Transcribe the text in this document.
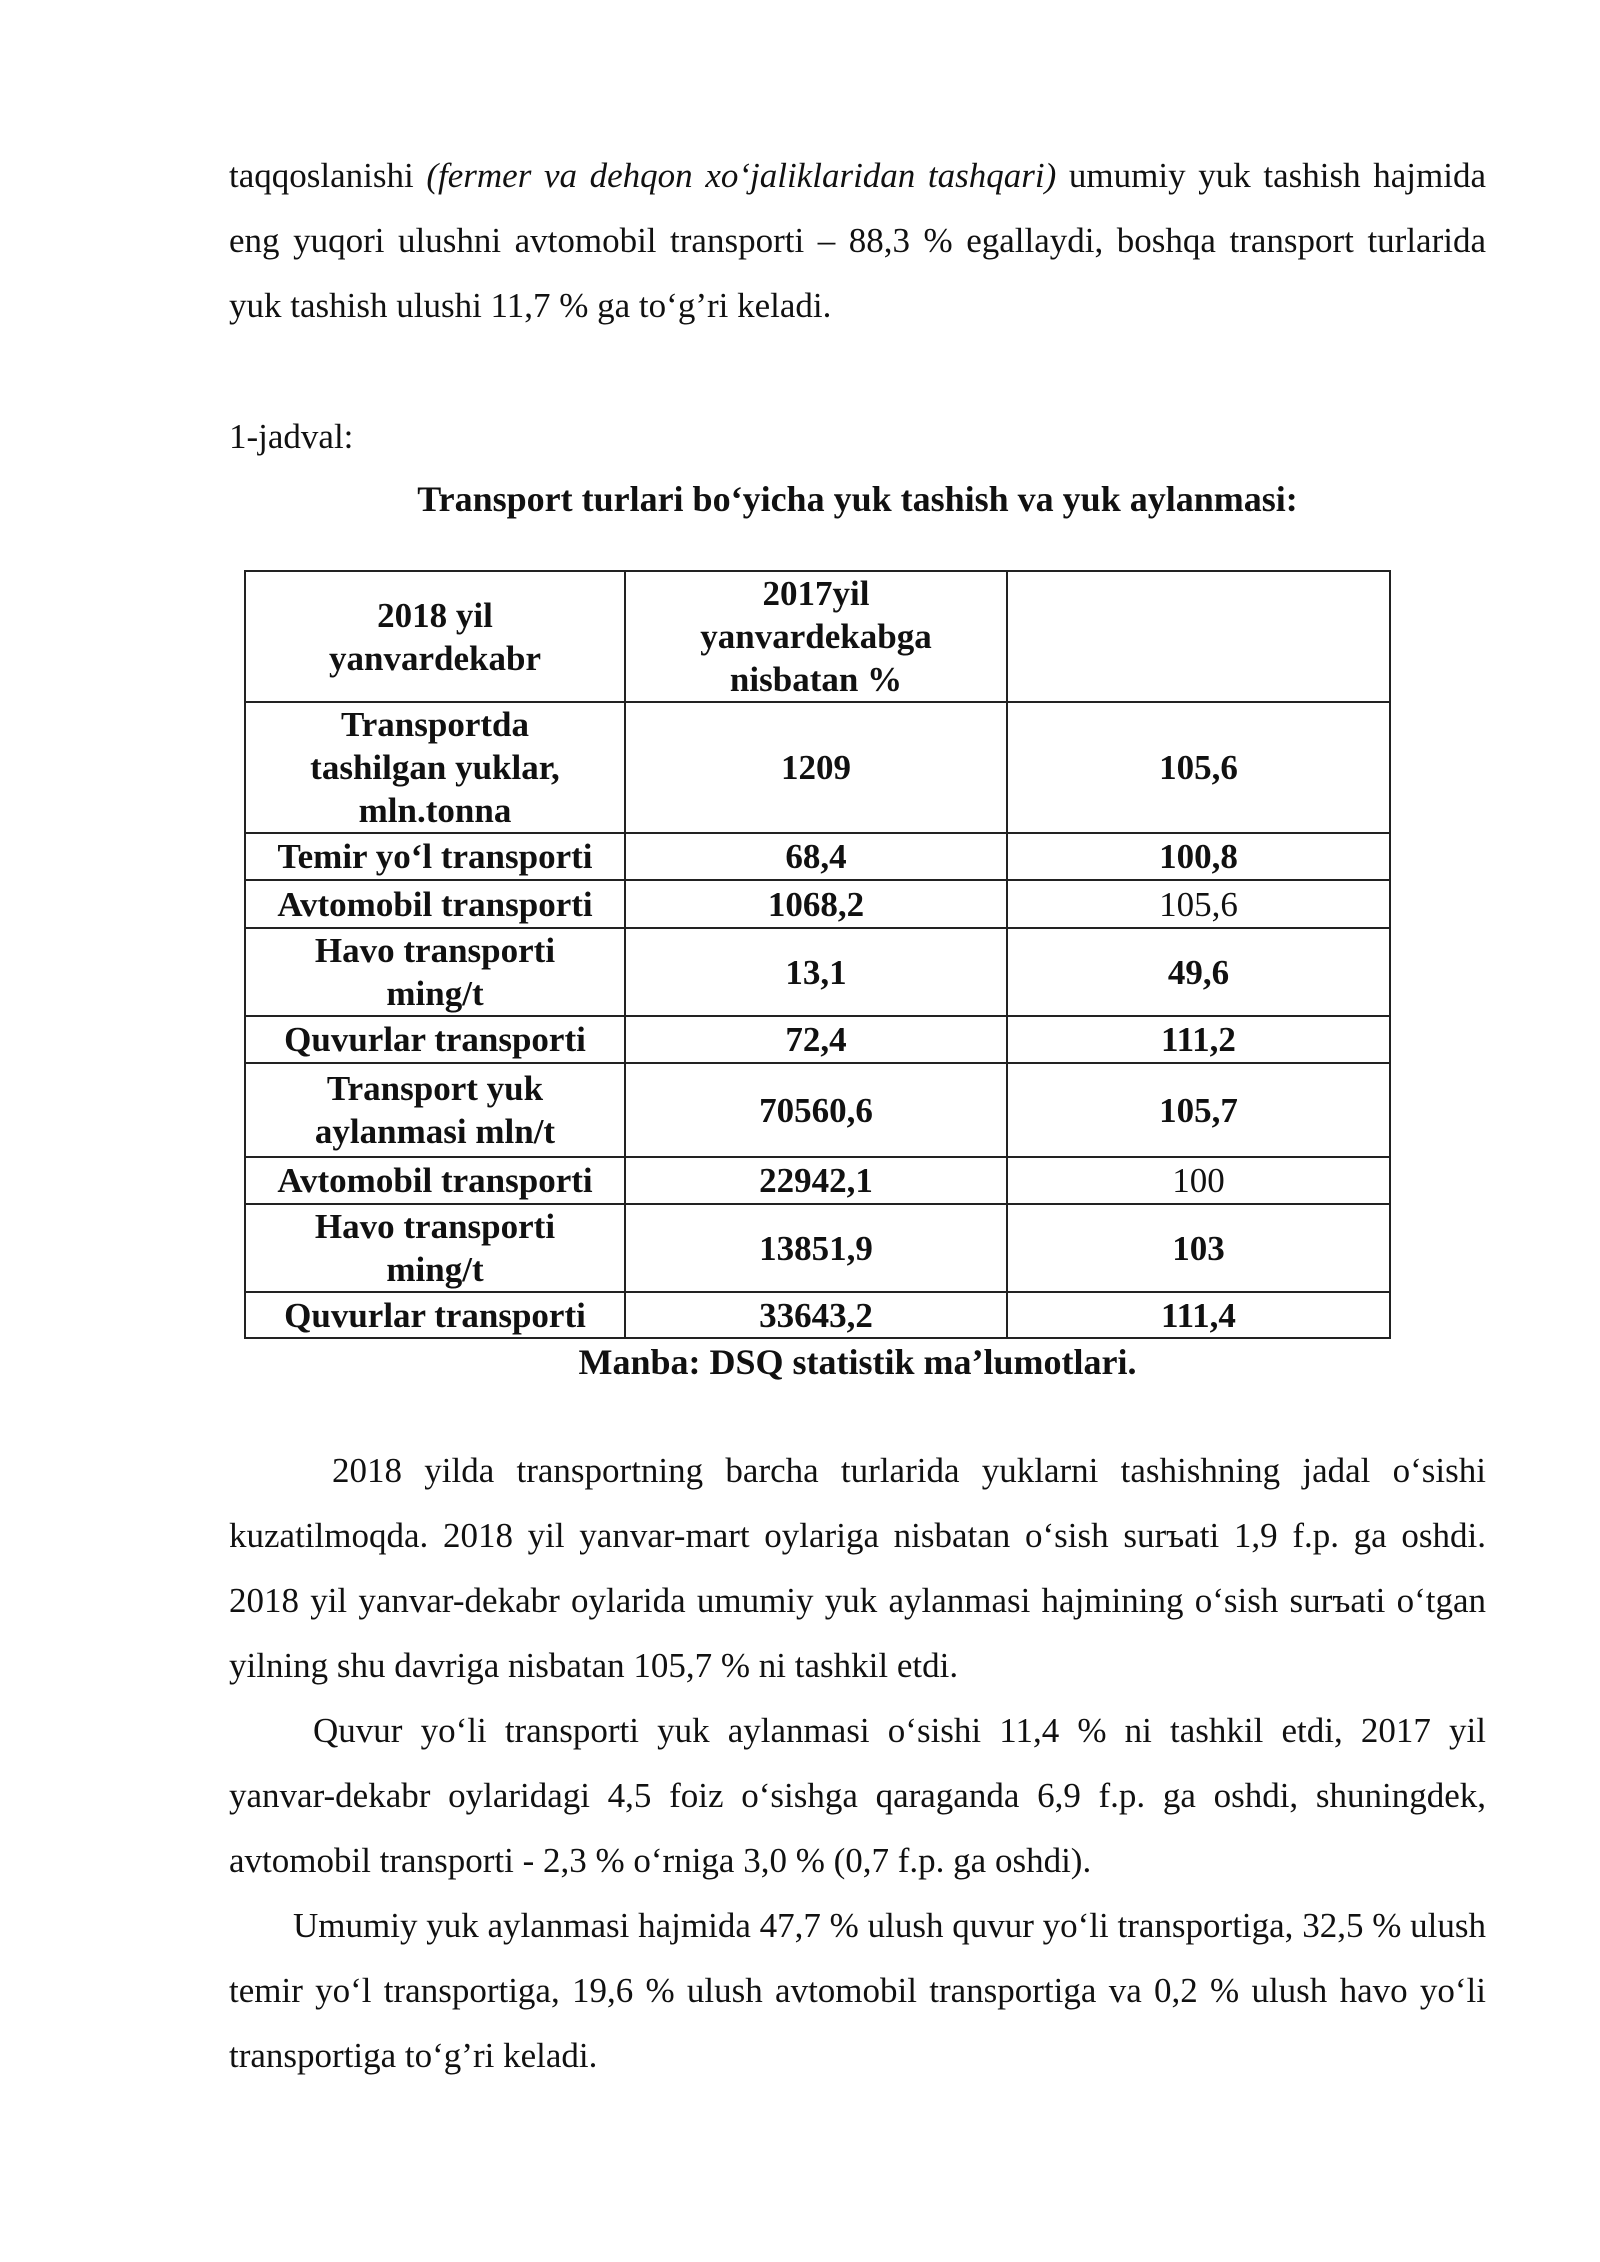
taqqoslanishi (fermer va dehqon xo‘jaliklaridan tashqari) umumiy yuk tashish hajmida eng yuqori ulushni avtomobil transporti – 88,3 % egallaydi, boshqa transport turlarida yuk tashish ulushi 11,7 % ga to‘g’ri keladi.

1-jadval:
Transport turlari bo‘yicha yuk tashish va yuk aylanmasi:
2018 yil yanvardekabr	2017yil yanvardekabga nisbatan %	
Transportda tashilgan yuklar, mln.tonna	1209	105,6
Temir yo‘l transporti	68,4	100,8
Avtomobil transporti	1068,2	105,6
Havo transporti ming/t	13,1	49,6
Quvurlar transporti	72,4	111,2
Transport yuk aylanmasi mln/t	70560,6	105,7
Avtomobil transporti	22942,1	100
Havo transporti ming/t	13851,9	103
Quvurlar transporti	33643,2	111,4
Manba: DSQ statistik ma’lumotlari.

2018 yilda transportning barcha turlarida yuklarni tashishning jadal o‘sishi kuzatilmoqda. 2018 yil yanvar-mart oylariga nisbatan o‘sish surъati 1,9 f.p. ga oshdi. 2018 yil yanvar-dekabr oylarida umumiy yuk aylanmasi hajmining o‘sish surъati o‘tgan yilning shu davriga nisbatan 105,7 % ni tashkil etdi.

Quvur yo‘li transporti yuk aylanmasi o‘sishi 11,4 % ni tashkil etdi, 2017 yil yanvar-dekabr oylaridagi 4,5 foiz o‘sishga qaraganda 6,9 f.p. ga oshdi, shuningdek, avtomobil transporti - 2,3 % o‘rniga 3,0 % (0,7 f.p. ga oshdi).

Umumiy yuk aylanmasi hajmida 47,7 % ulush quvur yo‘li transportiga, 32,5 % ulush temir yo‘l transportiga, 19,6 % ulush avtomobil transportiga va 0,2 % ulush havo yo‘li transportiga to‘g’ri keladi.
